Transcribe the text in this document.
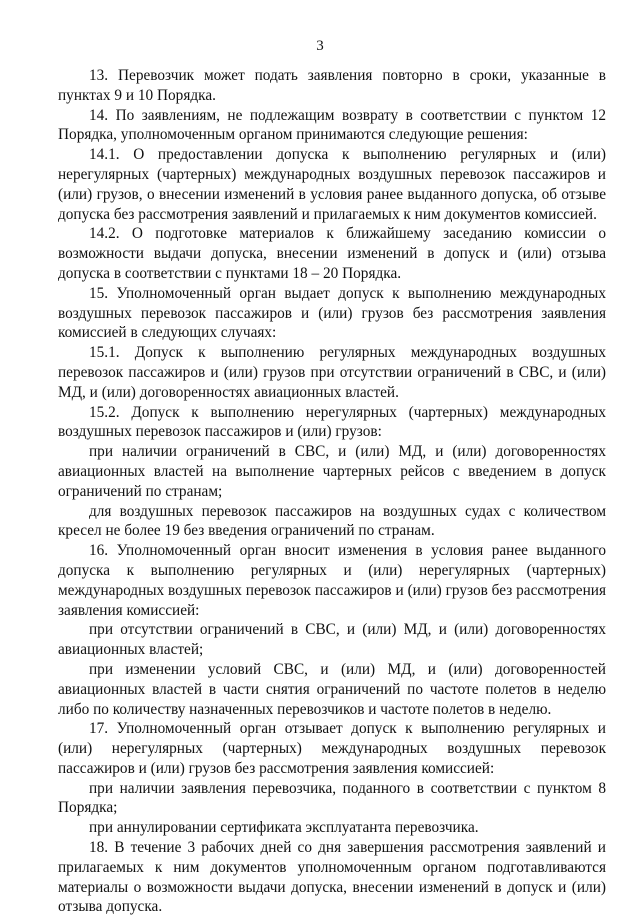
3

13. Перевозчик может подать заявления повторно в сроки, указанные в пунктах 9 и 10 Порядка.

14. По заявлениям, не подлежащим возврату в соответствии с пунктом 12 Порядка, уполномоченным органом принимаются следующие решения:

14.1. О предоставлении допуска к выполнению регулярных и (или) нерегулярных (чартерных) международных воздушных перевозок пассажиров и (или) грузов, о внесении изменений в условия ранее выданного допуска, об отзыве допуска без рассмотрения заявлений и прилагаемых к ним документов комиссией.

14.2. О подготовке материалов к ближайшему заседанию комиссии о возможности выдачи допуска, внесении изменений в допуск и (или) отзыва допуска в соответствии с пунктами 18 – 20 Порядка.

15. Уполномоченный орган выдает допуск к выполнению международных воздушных перевозок пассажиров и (или) грузов без рассмотрения заявления комиссией в следующих случаях:

15.1. Допуск к выполнению регулярных международных воздушных перевозок пассажиров и (или) грузов при отсутствии ограничений в СВС, и (или) МД, и (или) договоренностях авиационных властей.

15.2. Допуск к выполнению нерегулярных (чартерных) международных воздушных перевозок пассажиров и (или) грузов:

при наличии ограничений в СВС, и (или) МД, и (или) договоренностях авиационных властей на выполнение чартерных рейсов с введением в допуск ограничений по странам;

для воздушных перевозок пассажиров на воздушных судах с количеством кресел не более 19 без введения ограничений по странам.

16. Уполномоченный орган вносит изменения в условия ранее выданного допуска к выполнению регулярных и (или) нерегулярных (чартерных) международных воздушных перевозок пассажиров и (или) грузов без рассмотрения заявления комиссией:

при отсутствии ограничений в СВС, и (или) МД, и (или) договоренностях авиационных властей;

при изменении условий СВС, и (или) МД, и (или) договоренностей авиационных властей в части снятия ограничений по частоте полетов в неделю либо по количеству назначенных перевозчиков и частоте полетов в неделю.

17. Уполномоченный орган отзывает допуск к выполнению регулярных и (или) нерегулярных (чартерных) международных воздушных перевозок пассажиров и (или) грузов без рассмотрения заявления комиссией:

при наличии заявления перевозчика, поданного в соответствии с пунктом 8 Порядка;

при аннулировании сертификата эксплуатанта перевозчика.

18. В течение 3 рабочих дней со дня завершения рассмотрения заявлений и прилагаемых к ним документов уполномоченным органом подготавливаются материалы о возможности выдачи допуска, внесении изменений в допуск и (или) отзыва допуска.
